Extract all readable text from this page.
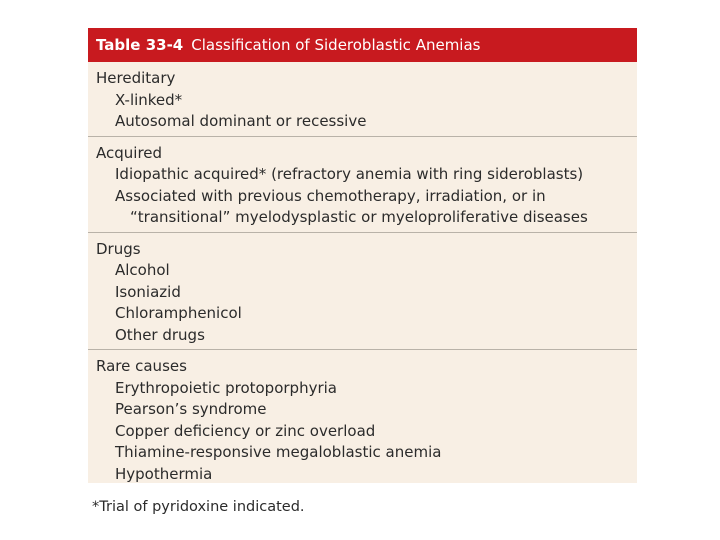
Table 33-4 Classification of Sideroblastic Anemias
Hereditary
X-linked*
Autosomal dominant or recessive
Acquired
Idiopathic acquired* (refractory anemia with ring sideroblasts)
Associated with previous chemotherapy, irradiation, or in
“transitional” myelodysplastic or myeloproliferative diseases
Drugs
Alcohol
Isoniazid
Chloramphenicol
Other drugs
Rare causes
Erythropoietic protoporphyria
Pearson’s syndrome
Copper deficiency or zinc overload
Thiamine-responsive megaloblastic anemia
Hypothermia
*Trial of pyridoxine indicated.
